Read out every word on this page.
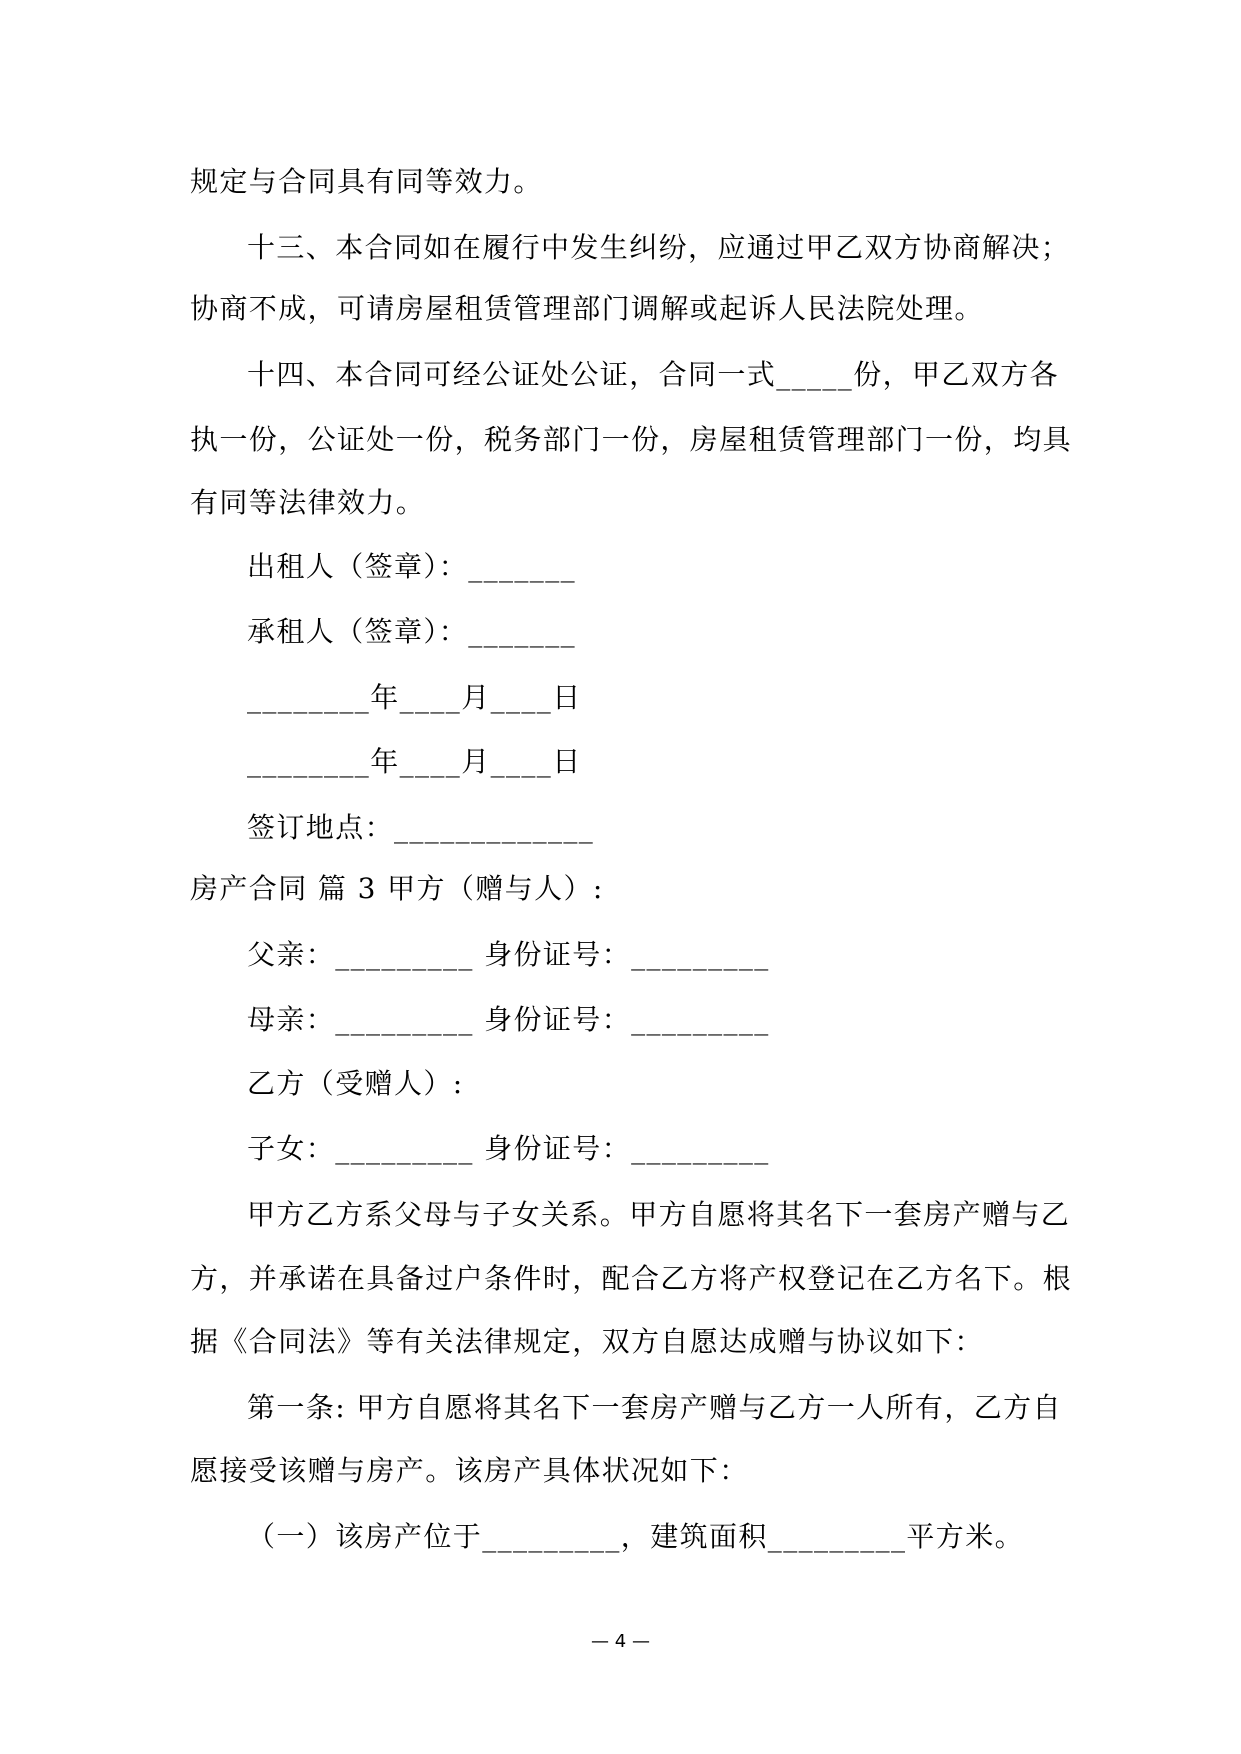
规定与合同具有同等效力。
十三、本合同如在履行中发生纠纷，应通过甲乙双方协商解决；
协商不成，可请房屋租赁管理部门调解或起诉人民法院处理。
十四、本合同可经公证处公证，合同一式_____份，甲乙双方各
执一份，公证处一份，税务部门一份，房屋租赁管理部门一份，均具
有同等法律效力。
出租人（签章）：_______
承租人（签章）：_______
________年____月____日
________年____月____日
签订地点：_____________
房产合同 篇 3 甲方（赠与人）:
父亲：_________ 身份证号：_________
母亲：_________ 身份证号：_________
乙方（受赠人）:
子女：_________ 身份证号：_________
甲方乙方系父母与子女关系。甲方自愿将其名下一套房产赠与乙
方，并承诺在具备过户条件时，配合乙方将产权登记在乙方名下。根
据《合同法》等有关法律规定，双方自愿达成赠与协议如下：
第一条: 甲方自愿将其名下一套房产赠与乙方一人所有，乙方自
愿接受该赠与房产。该房产具体状况如下：
（一）该房产位于_________，建筑面积_________平方米。
— 4 —
